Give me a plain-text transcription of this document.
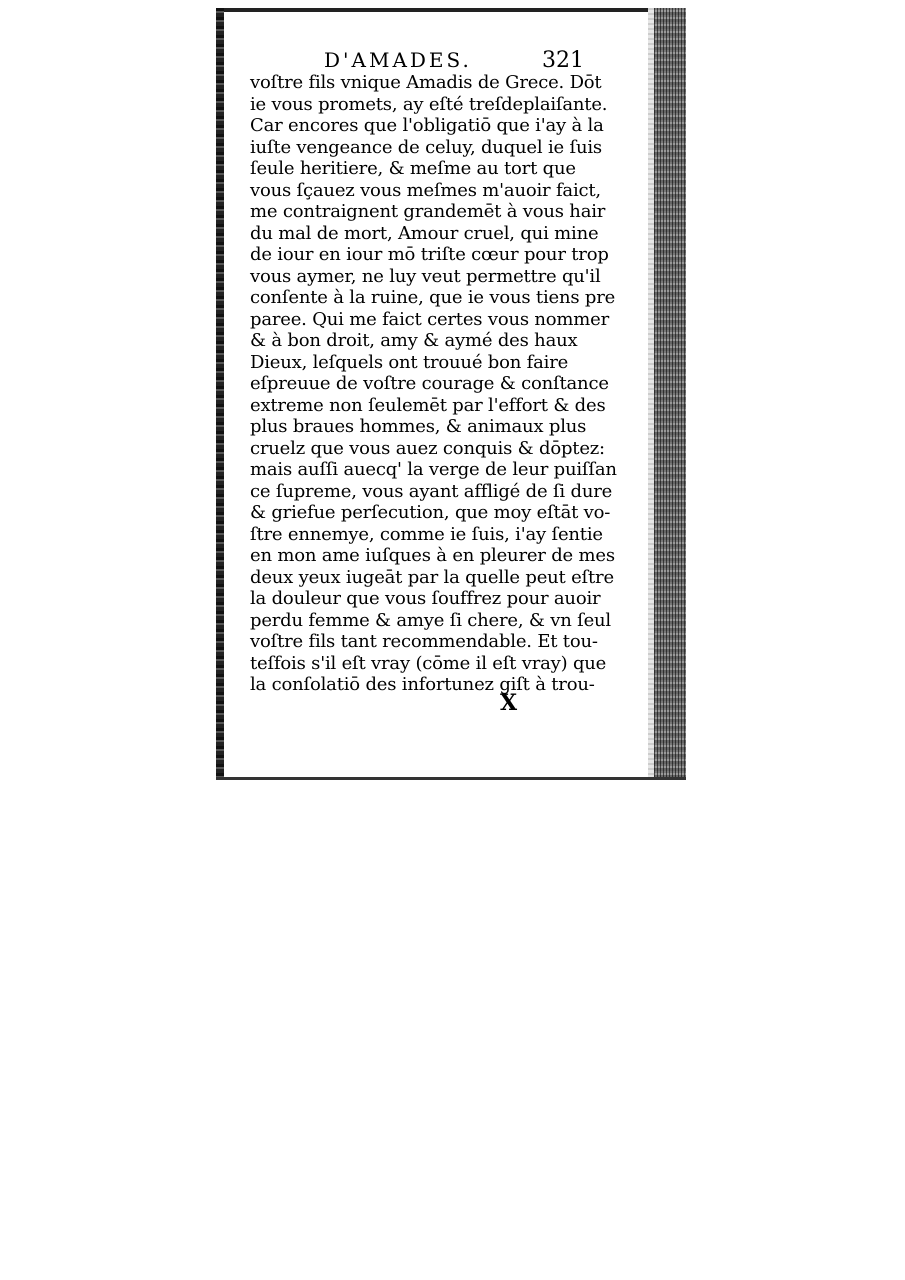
D'AMADES.	321
voſtre fils vnique Amadis de Grece. Dōt
ie vous promets, ay eſté treſdeplaiſante.
Car encores que l'obligatiō que i'ay à la
iuſte vengeance de celuy, duquel ie ſuis
ſeule heritiere, & meſme au tort que
vous ſçauez vous meſmes m'auoir faict,
me contraignent grandemēt à vous hair
du mal de mort, Amour cruel, qui mine
de iour en iour mō triſte cœur pour trop
vous aymer, ne luy veut permettre qu'il
conſente à la ruine, que ie vous tiens pre
paree. Qui me faict certes vous nommer
& à bon droit, amy & aymé des haux
Dieux, leſquels ont trouué bon faire
eſpreuue de voſtre courage & conſtance
extreme non ſeulemēt par l'effort & des
plus braues hommes, & animaux plus
cruelz que vous auez conquis & dōptez:
mais auſſi auecq' la verge de leur puiſſan
ce ſupreme, vous ayant affligé de ſi dure
& griefue perſecution, que moy eſtāt vo-
ſtre ennemye, comme ie ſuis, i'ay ſentie
en mon ame iuſques à en pleurer de mes
deux yeux iugeāt par la quelle peut eſtre
la douleur que vous ſouffrez pour auoir
perdu femme & amye ſi chere, & vn ſeul
voſtre fils tant recommendable. Et tou-
teſfois s'il eſt vray (cōme il eſt vray) que
la conſolatiō des infortunez giſt à trou-
X
